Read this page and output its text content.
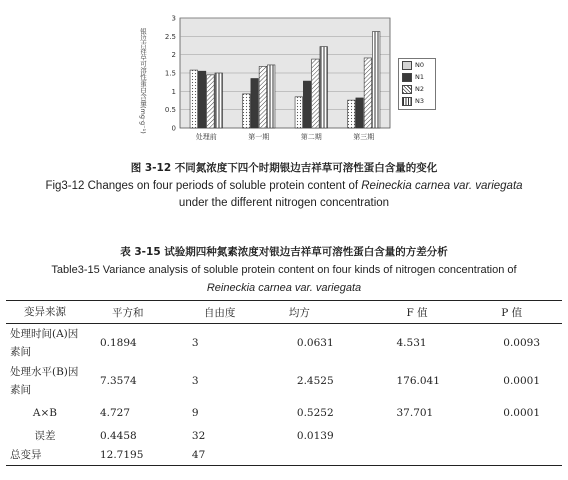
银边吉祥草可溶性蛋白含量(mg·g⁻¹)	0
0.5
1
1.5
2
2.5
3
处理前	第一期	第二期	第三期
N0
N1
N2
N3
图 3-12 不同氮浓度下四个时期银边吉祥草可溶性蛋白含量的变化
Fig3-12 Changes on four periods of soluble protein content of Reineckia carnea var. variegata
under the different nitrogen concentration
表 3-15 试验期四种氮素浓度对银边吉祥草可溶性蛋白含量的方差分析
Table3-15 Variance analysis of soluble protein content on four kinds of nitrogen concentration of
Reineckia carnea var. variegata
变异来源	平方和	自由度	均方	F 值	P 值
处理时间(A)因素间	0.1894	3	0.0631	4.531	0.0093
处理水平(B)因素间	7.3574	3	2.4525	176.041	0.0001
A×B	4.727	9	0.5252	37.701	0.0001
误差	0.4458	32	0.0139		
总变异	12.7195	47			
